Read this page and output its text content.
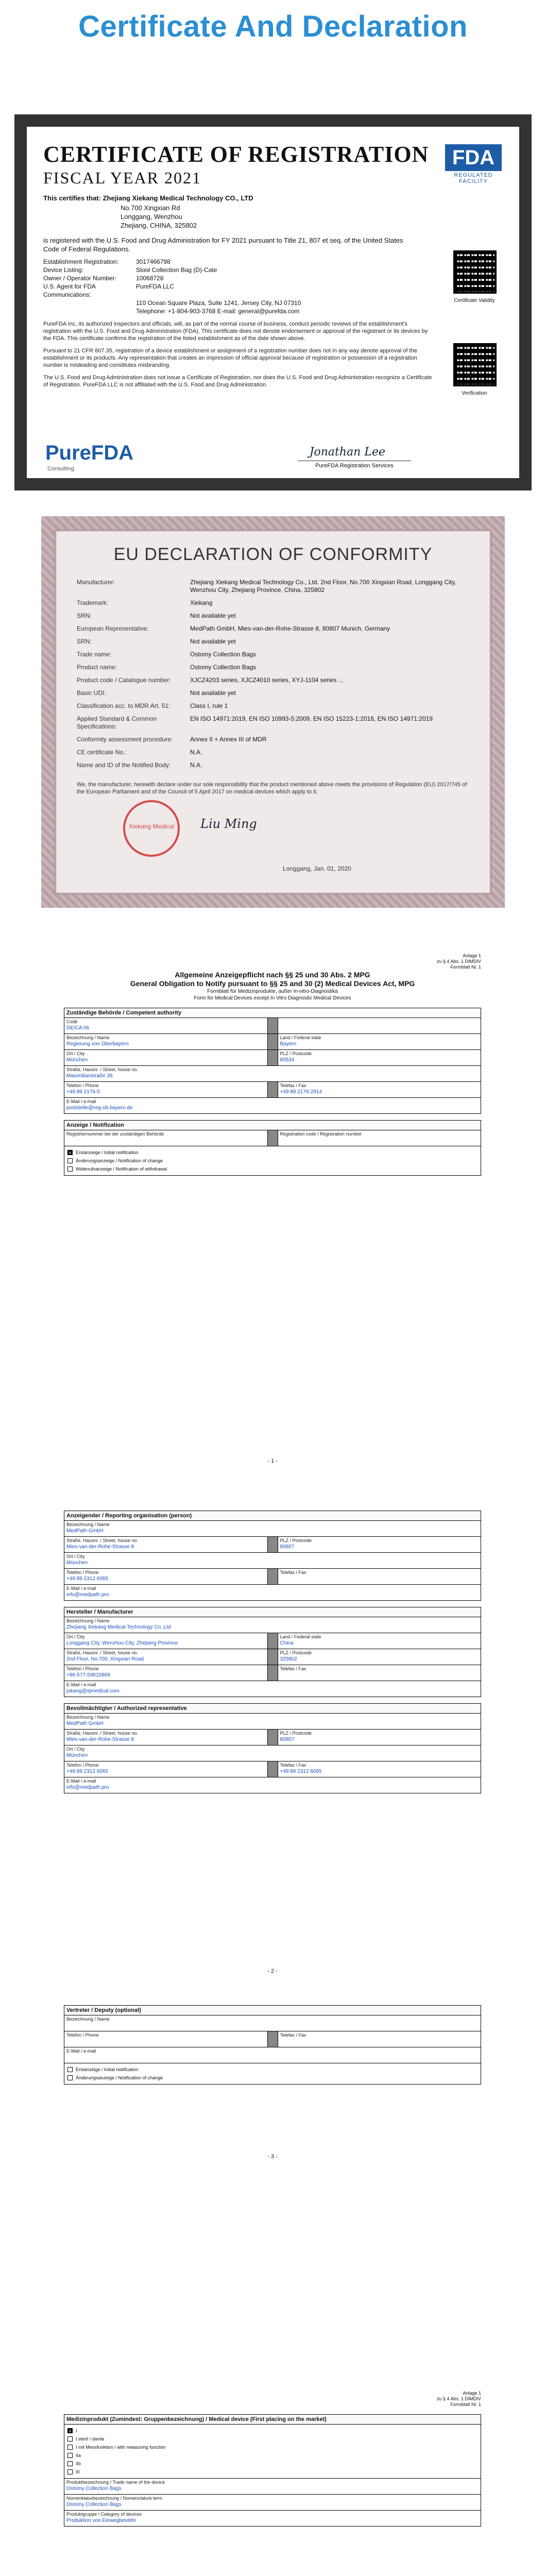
Certificate And Declaration
CERTIFICATE OF REGISTRATION
FISCAL YEAR 2021
FDA
REGULATED FACILITY
This certifies that: Zhejiang Xiekang Medical Technology CO., LTD
No.700 Xingxian Rd
Longgang, Wenzhou
Zhejiang, CHINA, 325802
is registered with the U.S. Food and Drug Administration for FY 2021 pursuant to Title 21, 807 et seq. of the United States Code of Federal Regulations.
Establishment Registration:	3017466798
Device Listing:	Stool Collection Bag (D)-Cate
Owner / Operator Number:	10068728
U.S. Agent for FDA Communications:
PureFDA LLC
110 Ocean Square Plaza, Suite 1241, Jersey City, NJ 07310
Telephone: +1-804-903-3768 E-mail: general@purefda.com
PureFDA Inc, its authorized inspectors and officials, will, as part of the normal course of business, conduct periodic reviews of the establishment's registration with the U.S. Food and Drug Administration (FDA). This certificate does not denote endorsement or approval of the registrant or its devices by the FDA. This certificate confirms the registration of the listed establishment as of the date shown above.
Pursuant to 21 CFR 807.35, registration of a device establishment or assignment of a registration number does not in any way denote approval of the establishment or its products. Any representation that creates an impression of official approval because of registration or possession of a registration number is misleading and constitutes misbranding.
The U.S. Food and Drug Administration does not issue a Certificate of Registration, nor does the U.S. Food and Drug Administration recognize a Certificate of Registration. PureFDA LLC is not affiliated with the U.S. Food and Drug Administration.
Certificate Validity
Verification
PureFDA
Consulting
Jonathan Lee
PureFDA Registration Services
EU DECLARATION OF CONFORMITY
Manufacturer:	Zhejiang Xiekang Medical Technology Co., Ltd. 2nd Floor, No.700 Xingxian Road, Longgang City, Wenzhou City, Zhejiang Province, China, 325802
Trademark:	Xiekang
SRN:	Not available yet
European Representative:	MedPath GmbH, Mies-van-der-Rohe-Strasse 8, 80807 Munich, Germany
SRN:	Not available yet
Trade name:	Ostomy Collection Bags
Product name:	Ostomy Collection Bags
Product code / Catalogue number:	XJCZ4203 series, XJCZ4010 series, XYJ-1104 series ...
Basic UDI:	Not available yet
Classification acc. to MDR Art. 51:	Class I, rule 1
Applied Standard & Common Specifications:
EN ISO 14971:2019, EN ISO 10993-5:2009, EN ISO 15223-1:2016, EN ISO 14971:2019
Conformity assessment procedure:	Annex II + Annex III of MDR
CE certificate No.:	N.A.
Name and ID of the Notified Body:	N.A.
We, the manufacturer, herewith declare under our sole responsibility that the product mentioned above meets the provisions of Regulation (EU) 2017/745 of the European Parliament and of the Council of 5 April 2017 on medical devices which apply to it.
Xiekang Medical	Liu Ming
Longgang, Jan. 01, 2020
Anlage 1
zu § 4 Abs. 1 DIMDIV
Formblatt Nr. 1
Allgemeine Anzeigepflicht nach §§ 25 und 30 Abs. 2 MPG
General Obligation to Notify pursuant to §§ 25 and 30 (2) Medical Devices Act, MPG
Formblatt für Medizinprodukte, außer In-vitro-Diagnostika
Form for Medical Devices except In Vitro Diagnostic Medical Devices
Zuständige Behörde / Competent authority
Code
DE/CA 06
Bezeichnung / Name
Regierung von Oberbayern
Land / Federal state
Bayern
Ort / City
München
PLZ / Postcode
80534
Straße, Hausnr. / Street, house no.
Maximilianstraße 39
Telefon / Phone
+49 89 2176-0
Telefax / Fax
+49 89 2176-2914
E-Mail / e-mail
poststelle@reg-ob.bayern.de
Anzeige / Notification
Registriernummer bei der zuständigen Behörde	Registration code / Registration number
x Erstanzeige / Initial notification
Änderungsanzeige / Notification of change
Widerrufsanzeige / Notification of withdrawal
- 1 -
Anzeigender / Reporting organisation (person)
Bezeichnung / Name
MedPath GmbH
Straße, Hausnr. / Street, house no.
Mies-van-der-Rohe-Strasse 8
PLZ / Postcode
80807
Ort / City
München
Telefon / Phone
+49 89 2312 6065
Telefax / Fax
E-Mail / e-mail
info@medpath.pro
Hersteller / Manufacturer
Bezeichnung / Name
Zhejiang Xiekang Medical Technology Co.,Ltd
Ort / City
Longgang City, Wenzhou City, Zhejiang Province
Land / Federal state
China
Straße, Hausnr. / Street, house no.
2nd Floor, No.700, Xingxian Road
PLZ / Postcode
325802
Telefon / Phone
+86-577-59815869
Telefax / Fax
E-Mail / e-mail
jokang@xjmedical.com
Bevollmächtigter / Authorized representative
Bezeichnung / Name
MedPath GmbH
Straße, Hausnr. / Street, house no.
Mies-van-der-Rohe-Strasse 8
PLZ / Postcode
80807
Ort / City
München
Telefon / Phone
+49 89 2312 6065
Telefax / Fax
+49 89 2312 6065
E-Mail / e-mail
info@medpath.pro
- 2 -
Vertreter / Deputy (optional)
Bezeichnung / Name
Telefon / Phone	Telefax / Fax
E-Mail / e-mail
Erstanzeige / Initial notification
Änderungsanzeige / Notification of change
- 3 -
Anlage 1
zu § 4 Abs. 1 DIMDIV
Formblatt Nr. 1
Medizinprodukt (Zumindest: Gruppenbezeichnung) / Medical device (First placing on the market)
x I
I steril / sterile
I mit Messfunktion / with measuring function
IIa
IIb
III
Produktbezeichnung / Trade name of the device
Ostomy Collection Bags
Nomenklaturbezeichnung / Nomenclature term
Ostomy Collection Bags
Produktgruppe / Category of devices
Produktion von Einwegbeuteln
